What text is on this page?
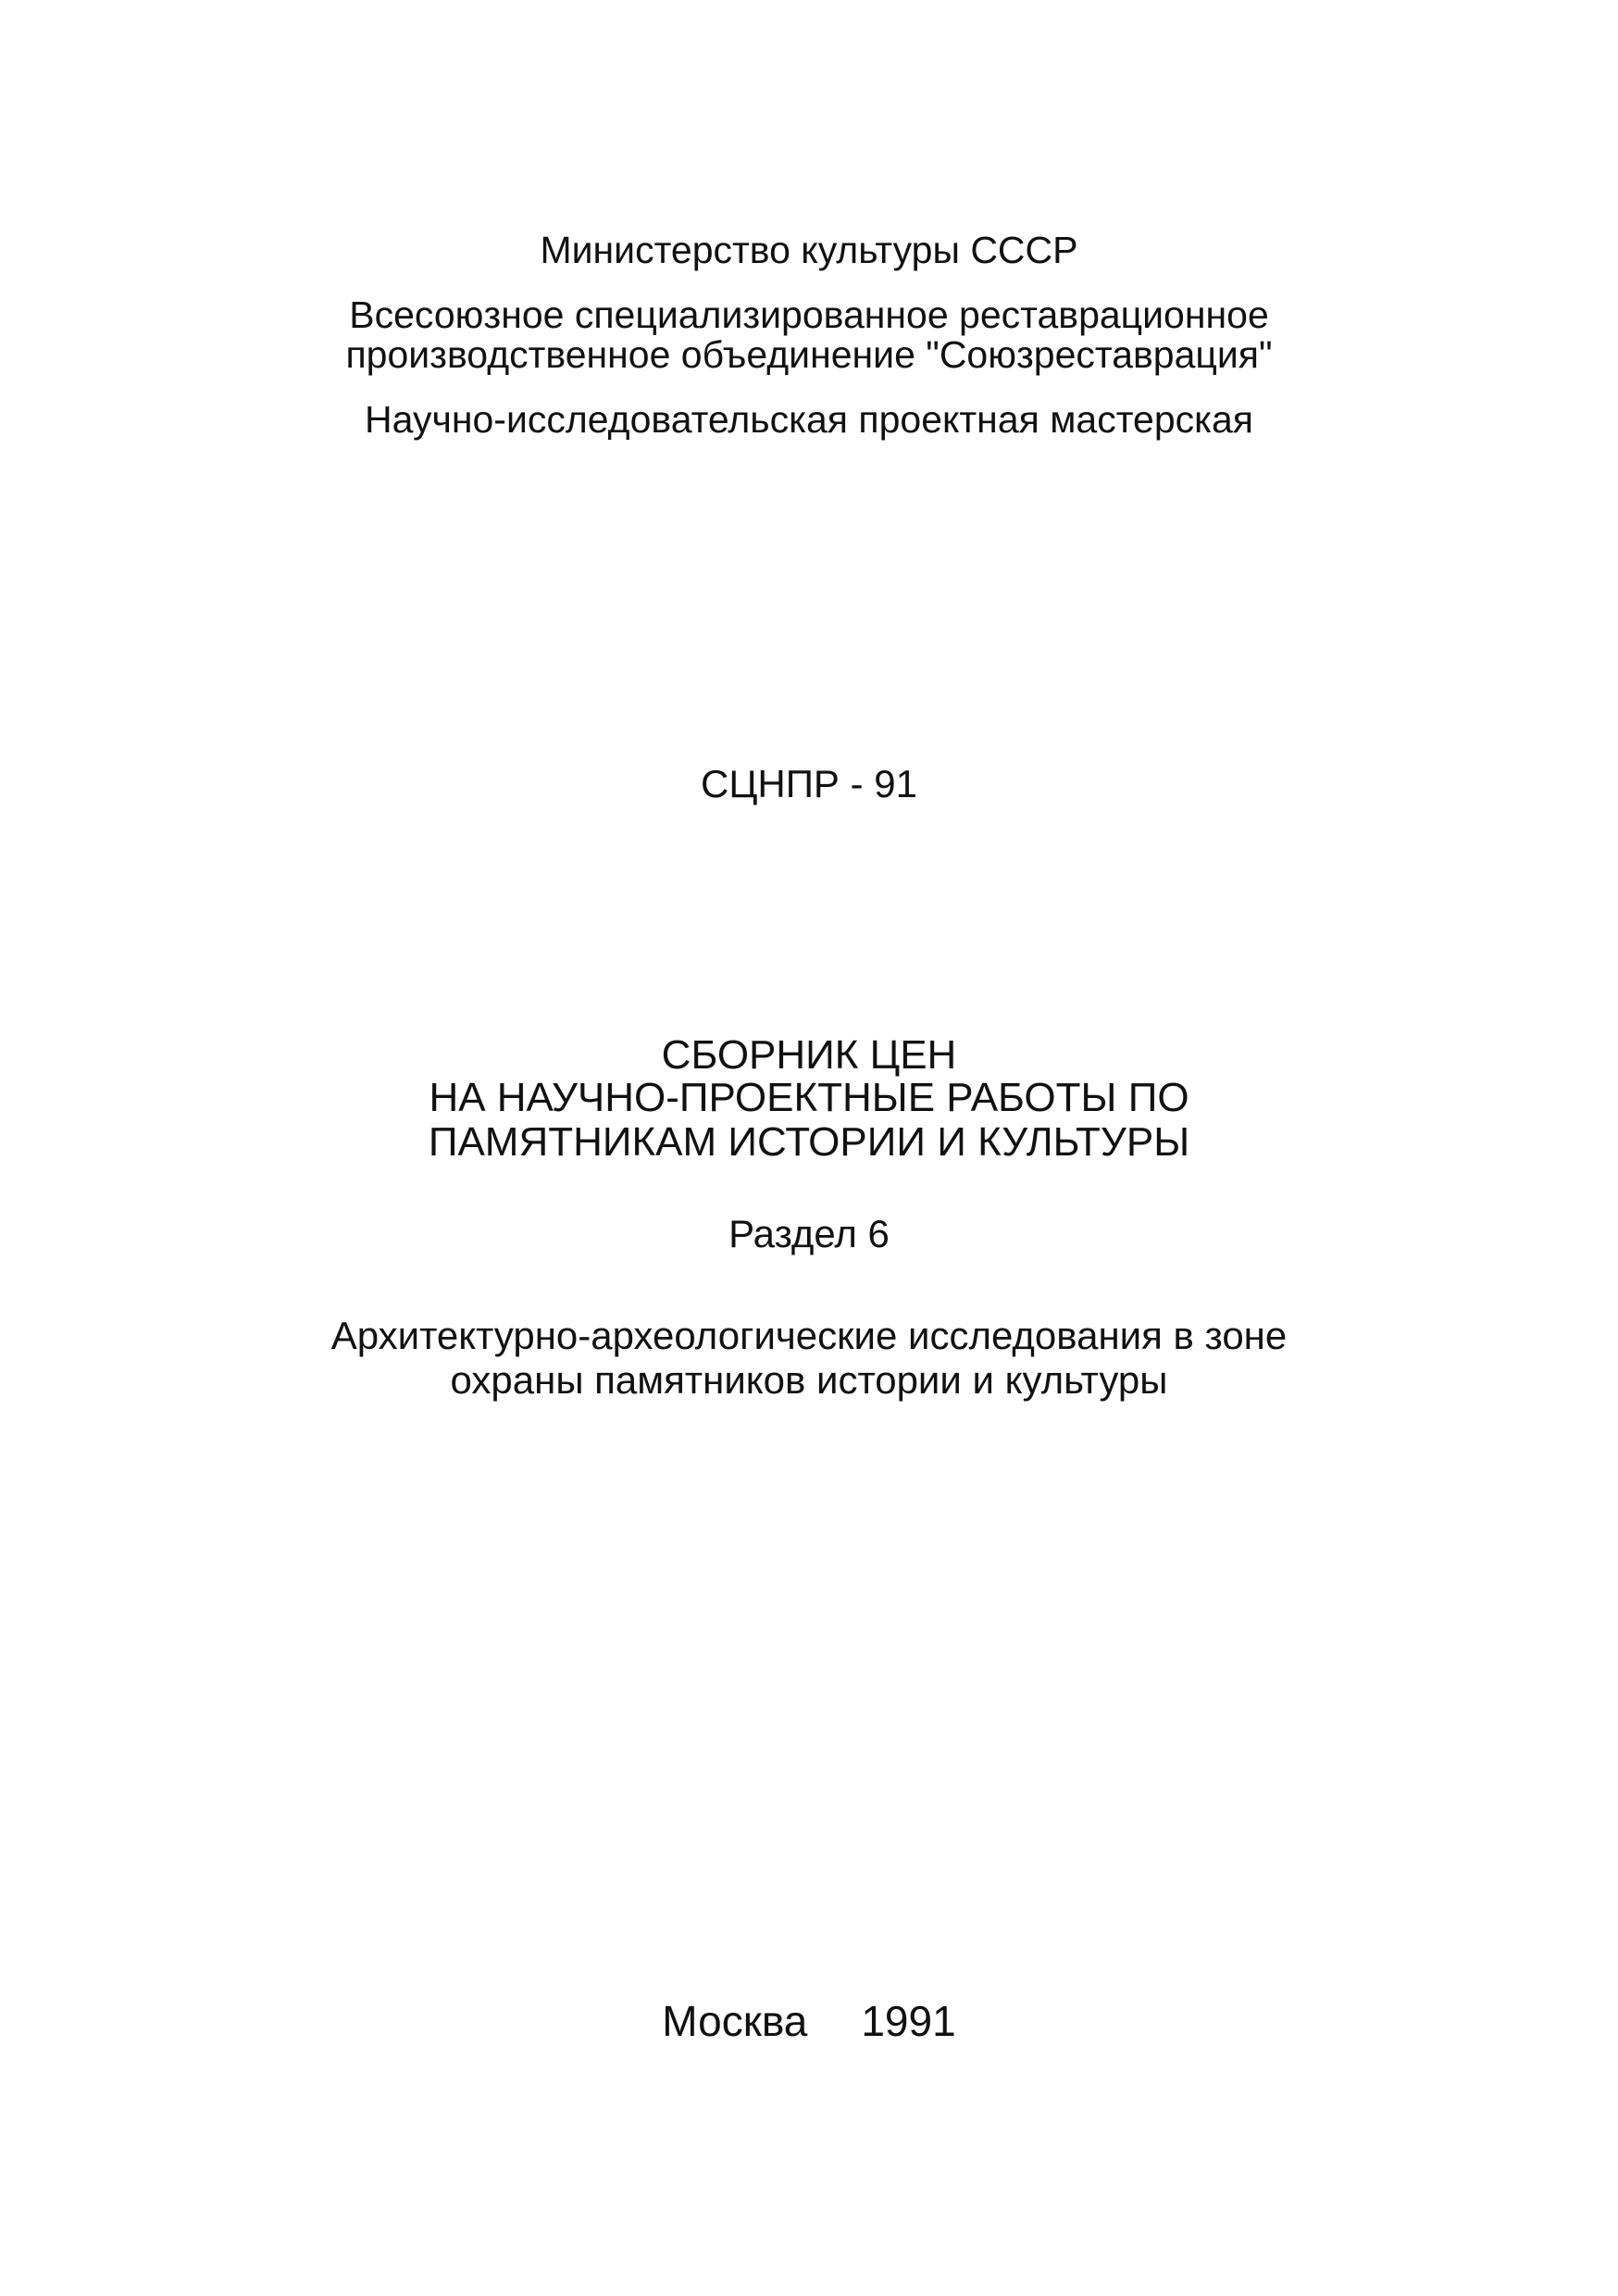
Министерство культуры СССР
Всесоюзное специализированное реставрационное
производственное объединение "Союзреставрация"
Научно-исследовательская проектная мастерская
СЦНПР - 91
СБОРНИК ЦЕН
НА НАУЧНО-ПРОЕКТНЫЕ РАБОТЫ ПО
ПАМЯТНИКАМ ИСТОРИИ И КУЛЬТУРЫ
Раздел 6
Архитектурно-археологические исследования в зоне
охраны памятников истории и культуры
Москва 1991
